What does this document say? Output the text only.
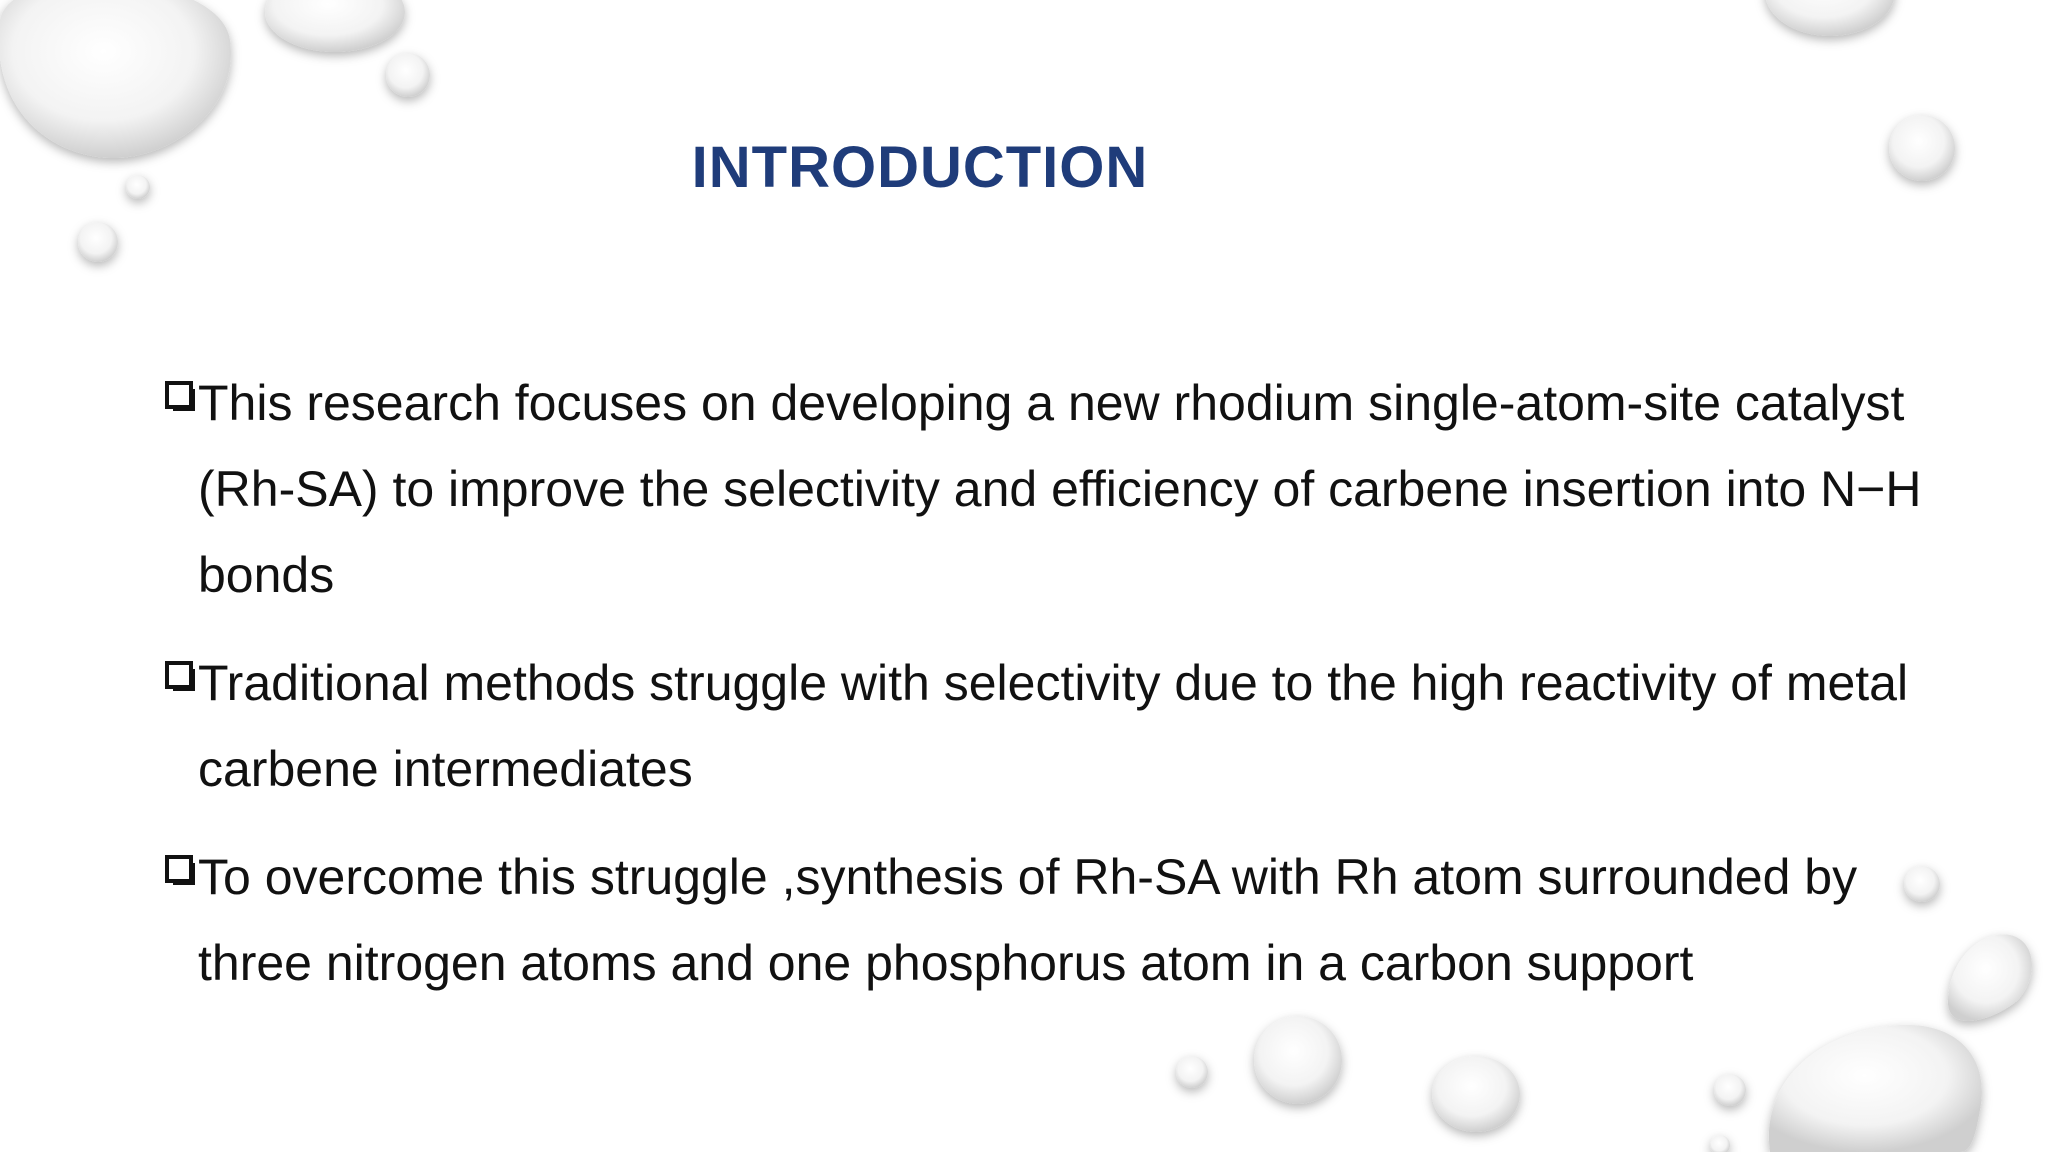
INTRODUCTION
This research focuses on developing a new rhodium single-atom-site catalyst (Rh-SA) to improve the selectivity and efficiency of carbene insertion into N−H bonds
Traditional methods struggle with selectivity due to the high reactivity of metal carbene intermediates
To overcome this struggle ,synthesis of Rh-SA with Rh atom surrounded by three nitrogen atoms and one phosphorus atom in a carbon support
